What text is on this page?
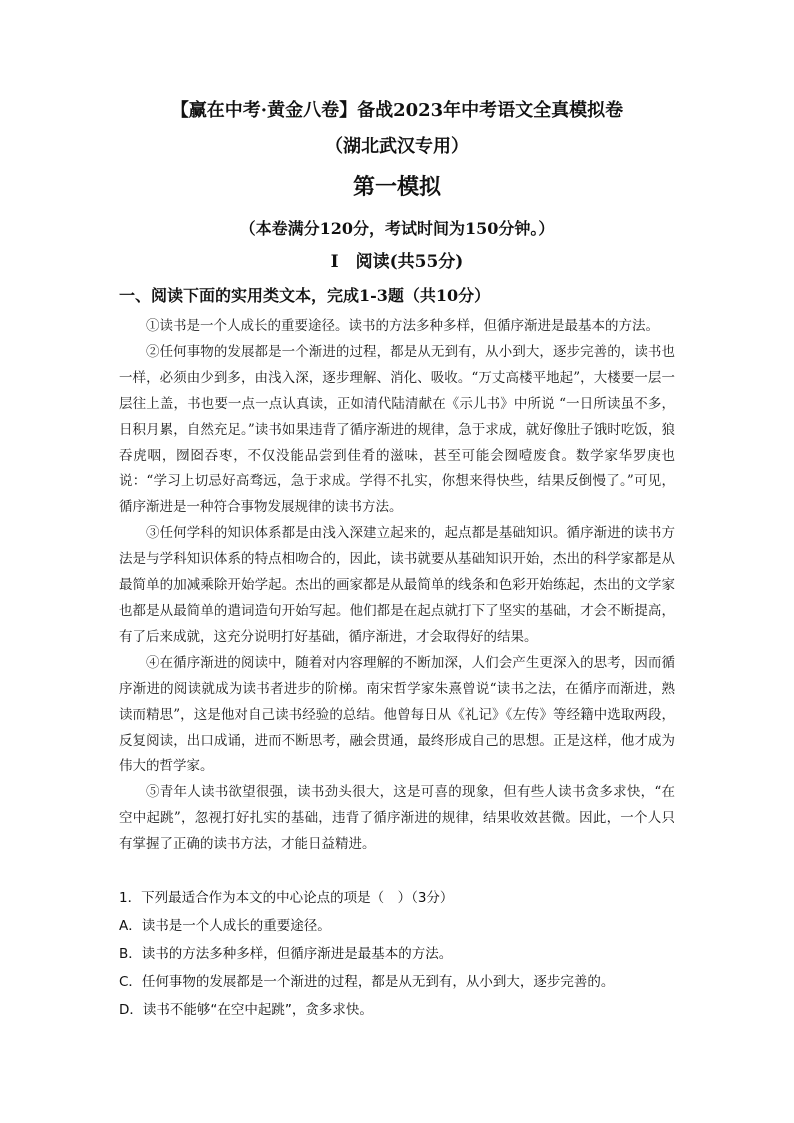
【赢在中考·黄金八卷】备战2023年中考语文全真模拟卷
（湖北武汉专用）
第一模拟
（本卷满分120分，考试时间为150分钟。）
I　阅读(共55分)
一、阅读下面的实用类文本，完成1-3题（共10分）

①读书是一个人成长的重要途径。读书的方法多种多样，但循序渐进是最基本的方法。

②任何事物的发展都是一个渐进的过程，都是从无到有，从小到大，逐步完善的，读书也一样，必须由少到多，由浅入深，逐步理解、消化、吸收。“万丈高楼平地起”，大楼要一层一层往上盖，书也要一点一点认真读，正如清代陆清献在《示儿书》中所说 “一日所读虽不多，日积月累，自然充足。”读书如果违背了循序渐进的规律，急于求成，就好像肚子饿时吃饭，狼吞虎咽，囫囵吞枣，不仅没能品尝到佳肴的滋味，甚至可能会囫噎废食。数学家华罗庚也说：“学习上切忌好高骛远，急于求成。学得不扎实，你想来得快些，结果反倒慢了。”可见，循序渐进是一种符合事物发展规律的读书方法。

③任何学科的知识体系都是由浅入深建立起来的，起点都是基础知识。循序渐进的读书方法是与学科知识体系的特点相吻合的，因此，读书就要从基础知识开始，杰出的科学家都是从最简单的加减乘除开始学起。杰出的画家都是从最简单的线条和色彩开始练起，杰出的文学家也都是从最简单的遣词造句开始写起。他们都是在起点就打下了坚实的基础，才会不断提高，有了后来成就，这充分说明打好基础，循序渐进，才会取得好的结果。

④在循序渐进的阅读中，随着对内容理解的不断加深，人们会产生更深入的思考，因而循序渐进的阅读就成为读书者进步的阶梯。南宋哲学家朱熹曾说“读书之法，在循序而渐进，熟读而精思”，这是他对自己读书经验的总结。他曾每日从《礼记》《左传》等经籍中选取两段，反复阅读，出口成诵，进而不断思考，融会贯通，最终形成自己的思想。正是这样，他才成为伟大的哲学家。

⑤青年人读书欲望很强，读书劲头很大，这是可喜的现象，但有些人读书贪多求快，“在空中起跳”，忽视打好扎实的基础，违背了循序渐进的规律，结果收效甚微。因此，一个人只有掌握了正确的读书方法，才能日益精进。

1．下列最适合作为本文的中心论点的项是（　）（3分）
A．读书是一个人成长的重要途径。
B．读书的方法多种多样，但循序渐进是最基本的方法。
C．任何事物的发展都是一个渐进的过程，都是从无到有，从小到大，逐步完善的。
D．读书不能够“在空中起跳”，贪多求快。
